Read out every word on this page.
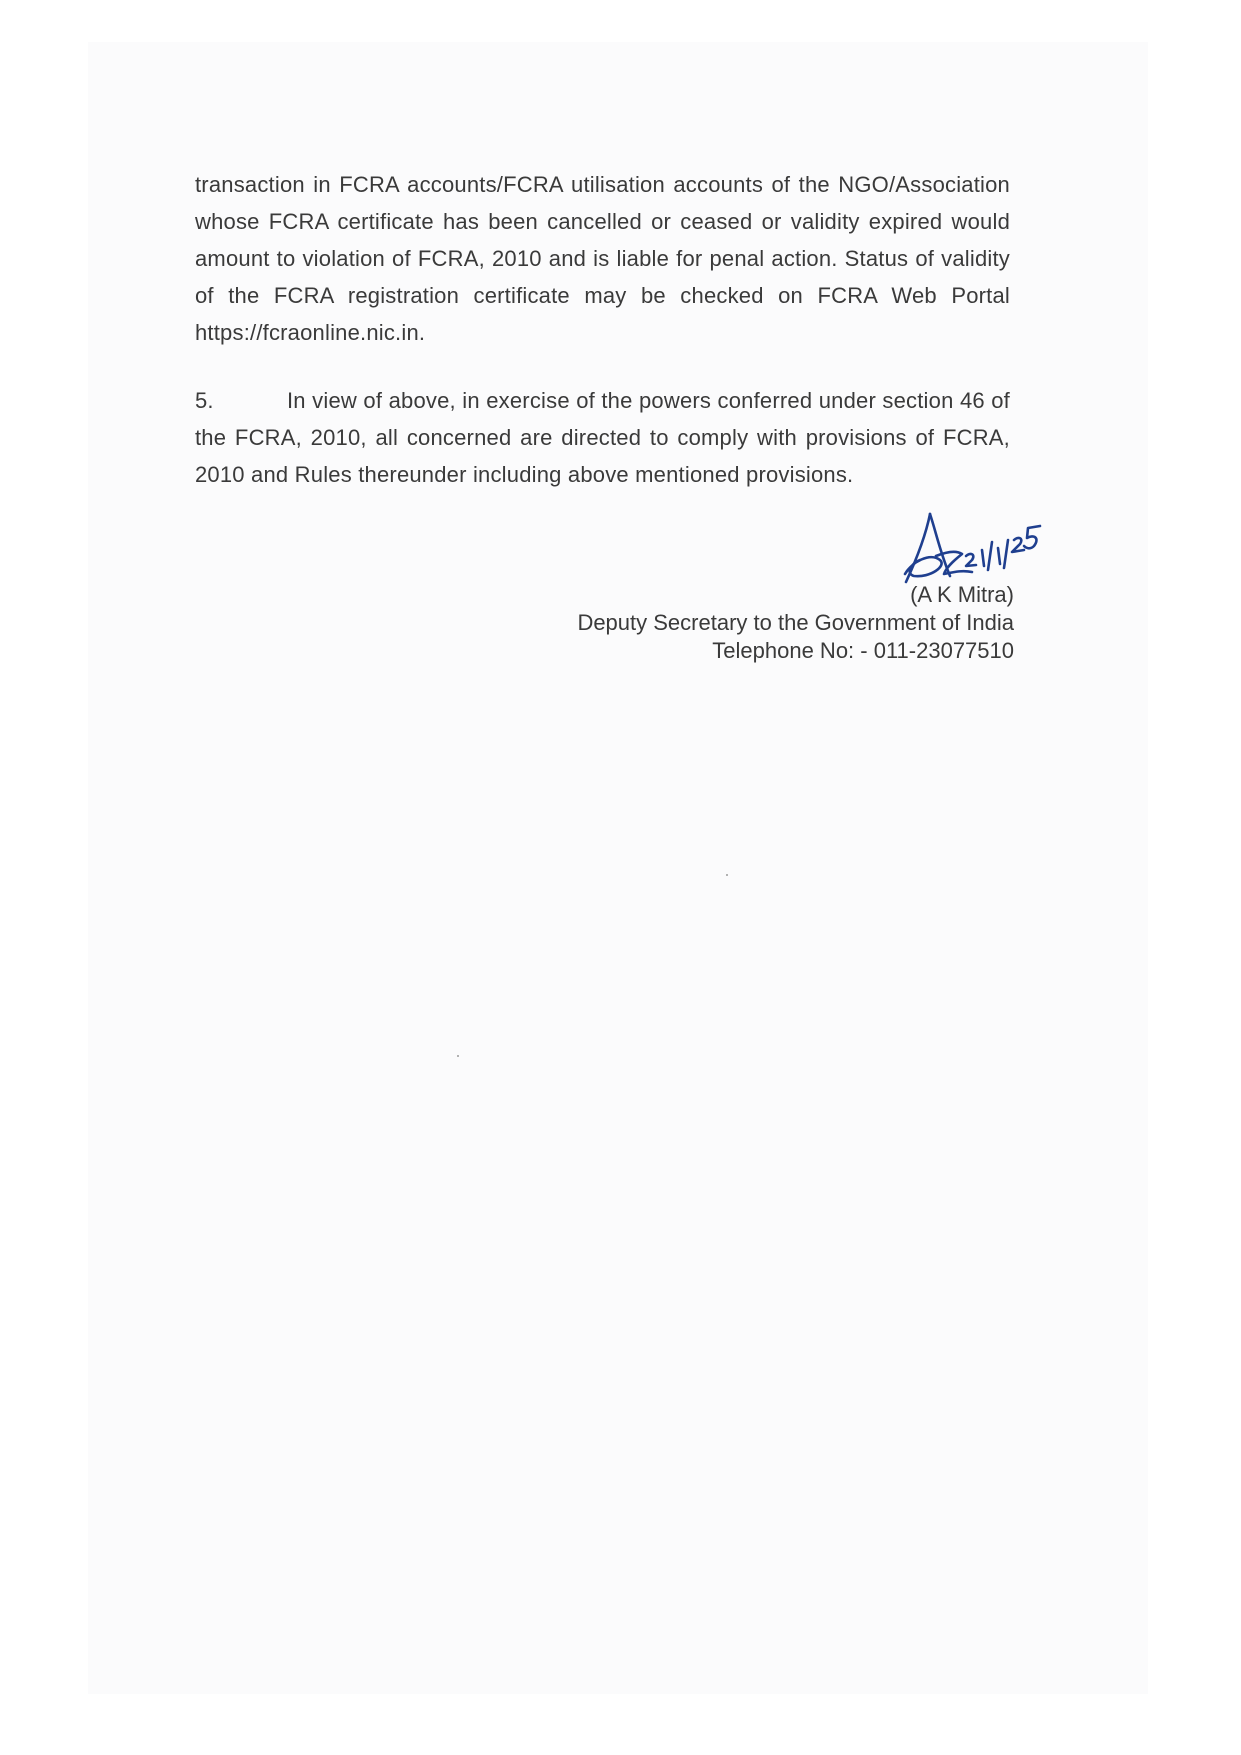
transaction in FCRA accounts/FCRA utilisation accounts of the NGO/Association whose FCRA certificate has been cancelled or ceased or validity expired would amount to violation of FCRA, 2010 and is liable for penal action. Status of validity of the FCRA registration certificate may be checked on FCRA Web Portal https://fcraonline.nic.in.

5.	In view of above, in exercise of the powers conferred under section 46 of the FCRA, 2010, all concerned are directed to comply with provisions of FCRA, 2010 and Rules thereunder including above mentioned provisions.

(A K Mitra)
Deputy Secretary to the Government of India
Telephone No: - 011-23077510
